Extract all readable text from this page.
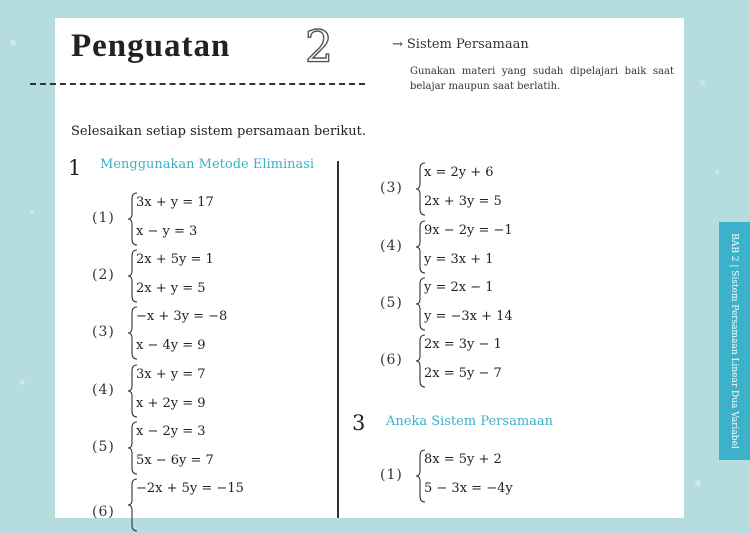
Penguatan 2	→ Sistem Persamaan
Gunakan materi yang sudah dipelajari baik saat belajar maupun saat berlatih.
Selesaikan setiap sistem persamaan berikut.
1 Menggunakan Metode Eliminasi
(1)
3x + y = 17
x − y = 3
(2)
2x + 5y = 1
2x + y = 5
(3)
−x + 3y = −8
x − 4y = 9
(4)
3x + y = 7
x + 2y = 9
(5)
x − 2y = 3
5x − 6y = 7
(6)
−2x + 5y = −15
(3)
x = 2y + 6
2x + 3y = 5
(4)
9x − 2y = −1
y = 3x + 1
(5)
y = 2x − 1
y = −3x + 14
(6)
2x = 3y − 1
2x = 5y − 7
3 Aneka Sistem Persamaan
(1)
8x = 5y + 2
5 − 3x = −4y
BAB 2 | Sistem Persamaan Linear Dua Variabel
